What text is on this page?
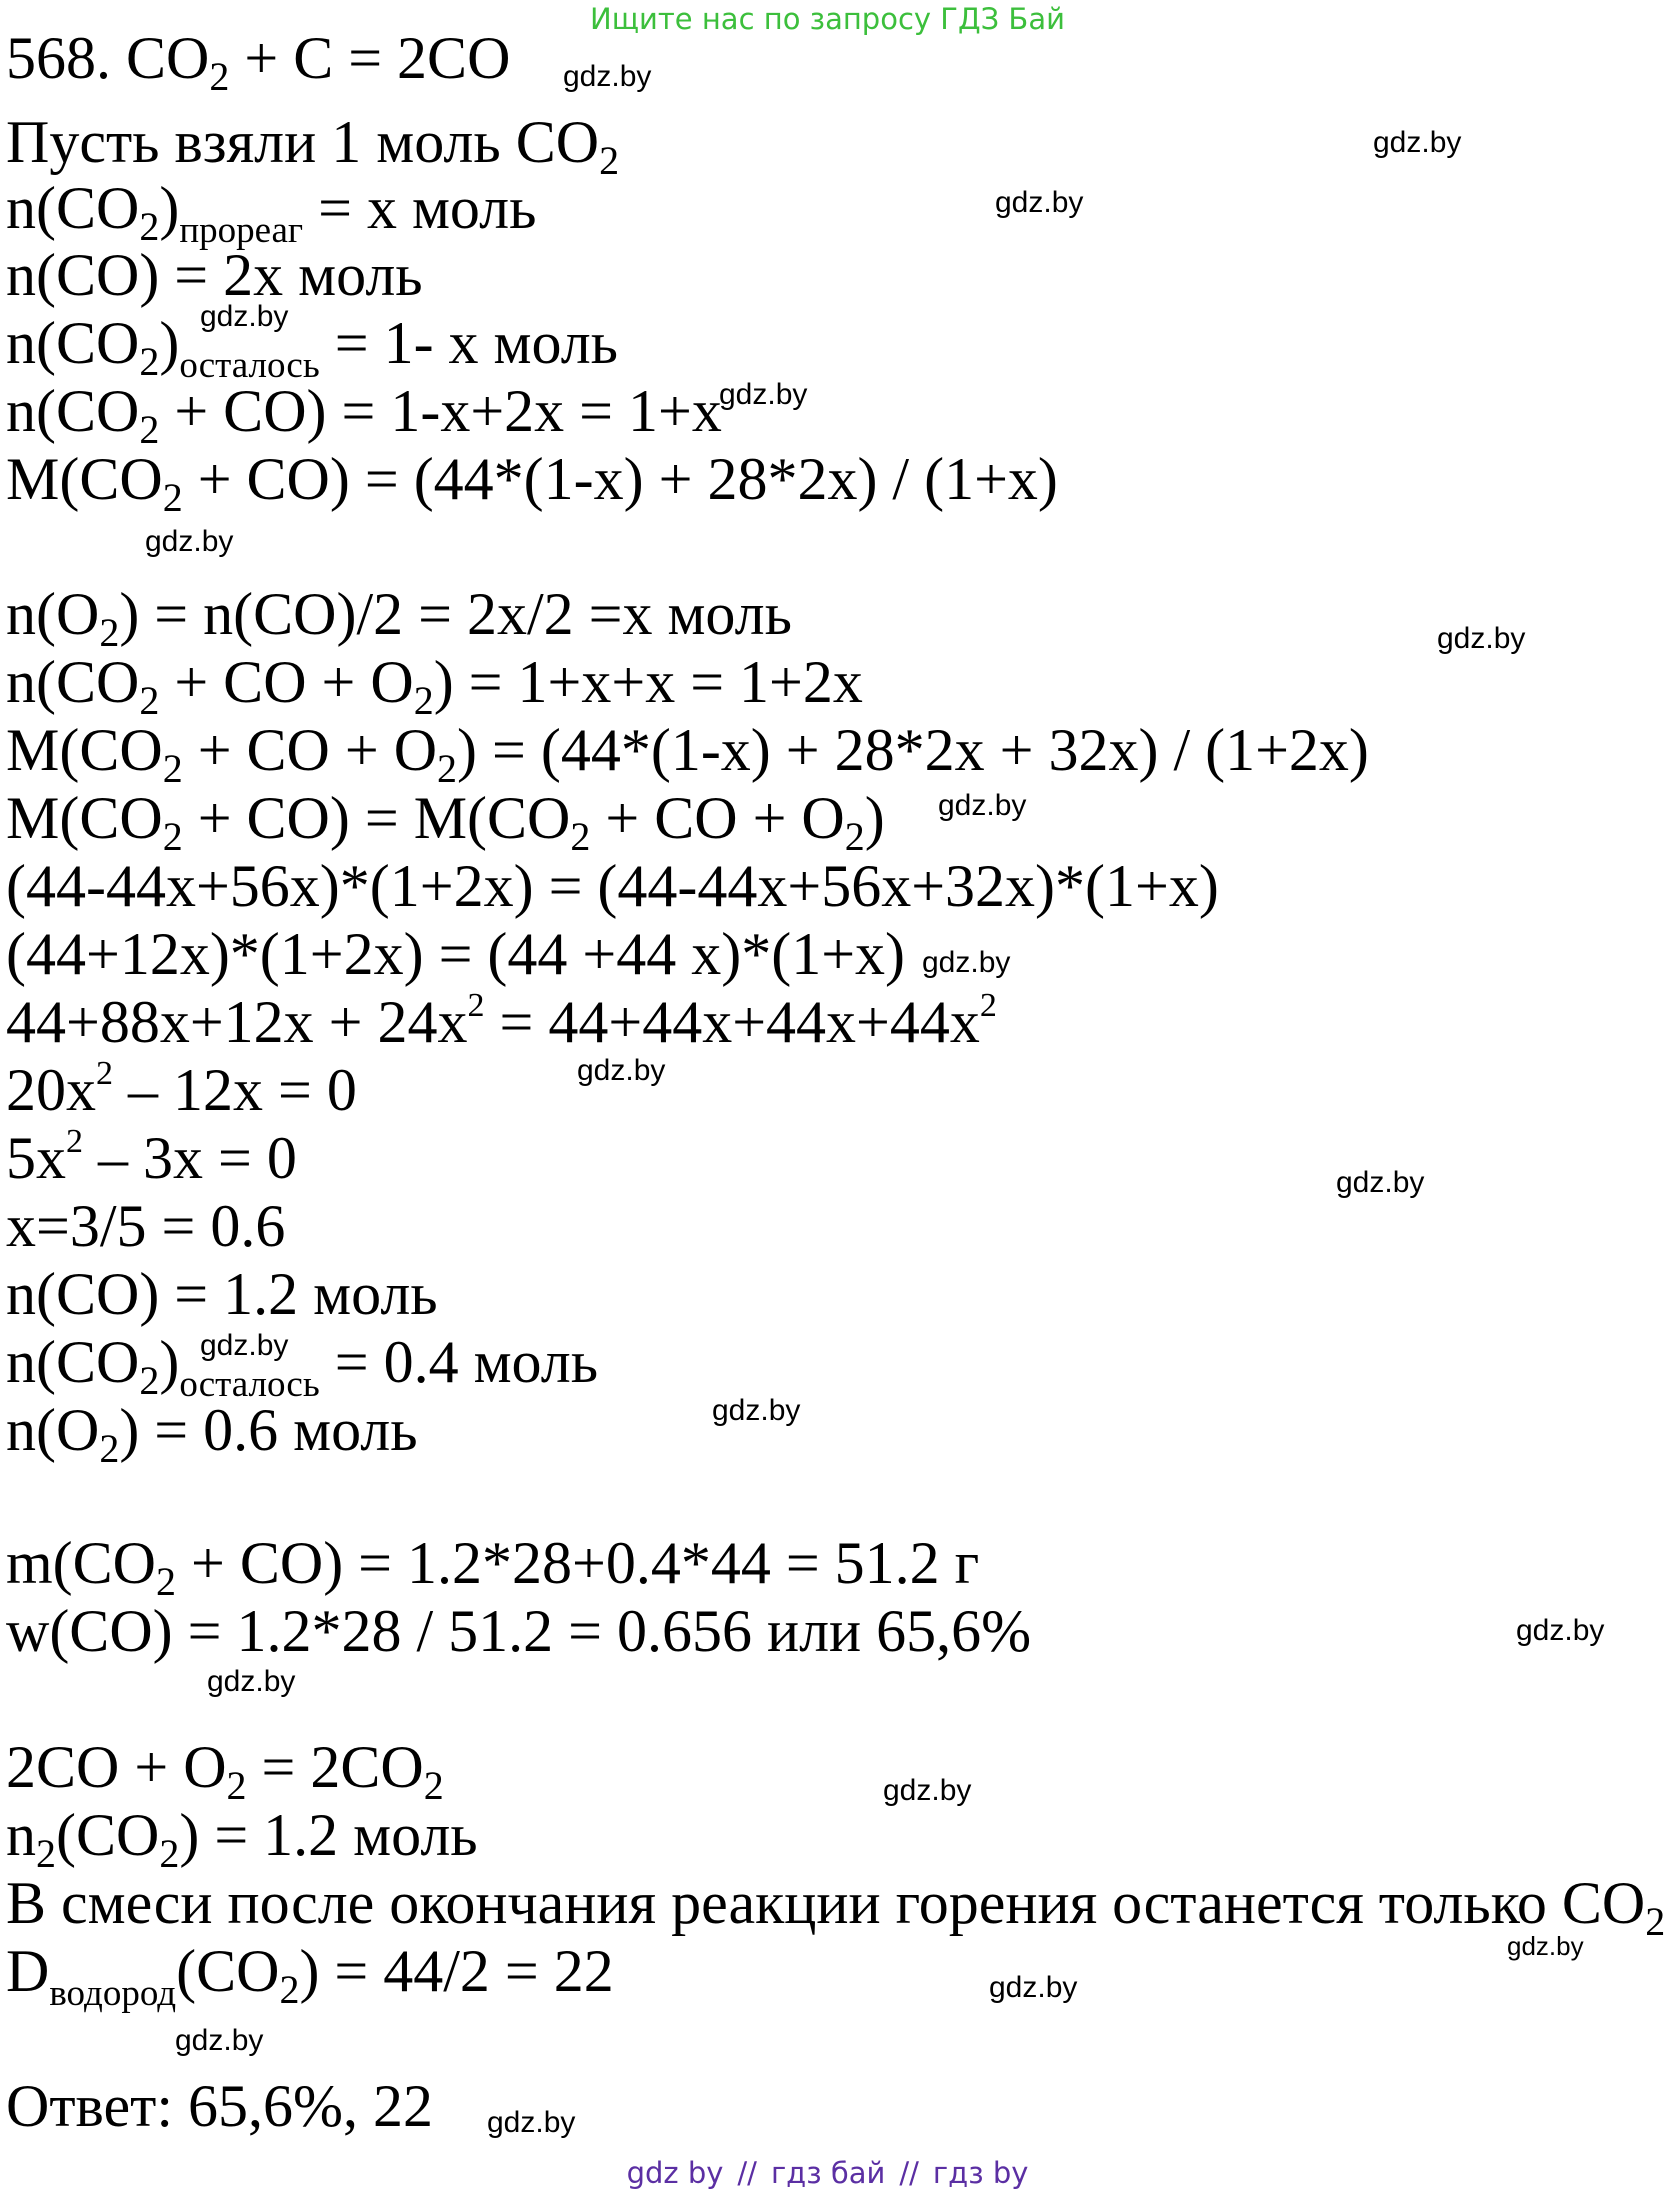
Ищите нас по запросу ГДЗ Бай
568. $CO_2 + C = 2CO$
Пусть взяли 1 моль $CO_2$
$n(CO_2)_{прореаг} = x$ моль
n(CO) = 2x моль
$n(CO_2)_{осталось} = 1-$ x моль
$n(CO_2 + CO) = 1-x+2x = 1+x$
$M(CO_2 + CO) = (44*(1-x) + 28*2x) / (1+x)$
$n(O_2) = n(CO)/2 = 2x/2 =x$ моль
$n(CO_2$ + CO + $O_2) = 1+x+x = 1+2x$
$M(CO_2$ + CO + $O_2) = (44*(1-x) + 28*2x + 32x) / (1+2x)$
$M(CO_2 + CO) = M(CO_2$ + CO + $O_2$)
(44-44x+56x)*(1+2x) = (44-44x+56x+32x)*(1+x)
(44+12x)*(1+2x) = (44 +44 x)*(1+x)
$44+88x+12x + 24x^2 = 44+44x+44x+44x^2$
$20x^2 - 12x = 0$
$5x^2 - 3x = 0$
x=3/5 = 0.6
n(CO) = 1.2 моль
$n(CO_2)_{осталось} = 0.4$ моль
$n(O_2) = 0.6$ моль
$m(CO_2 + CO) = 1.2*28+0.4*44 = 51.2$ г
w(CO) = 1.2*28 / 51.2 = 0.656 или 65,6%
$2CO + O_2 = 2CO_2$
$n_2(CO_2) = 1.2$ моль
В смеси после окончания реакции горения останется только $CO_2$
$D_{водород}(CO_2) = 44/2 = 22$
Ответ: 65,6%, 22
gdz.by
gdz.by
gdz.by
gdz.by
gdz.by
gdz.by
gdz.by
gdz.by
gdz.by
gdz.by
gdz.by
gdz.by
gdz.by
gdz.by
gdz.by
gdz.by
gdz.by
gdz.by
gdz.by
gdz.by
gdz by // гдз бай // гдз by
